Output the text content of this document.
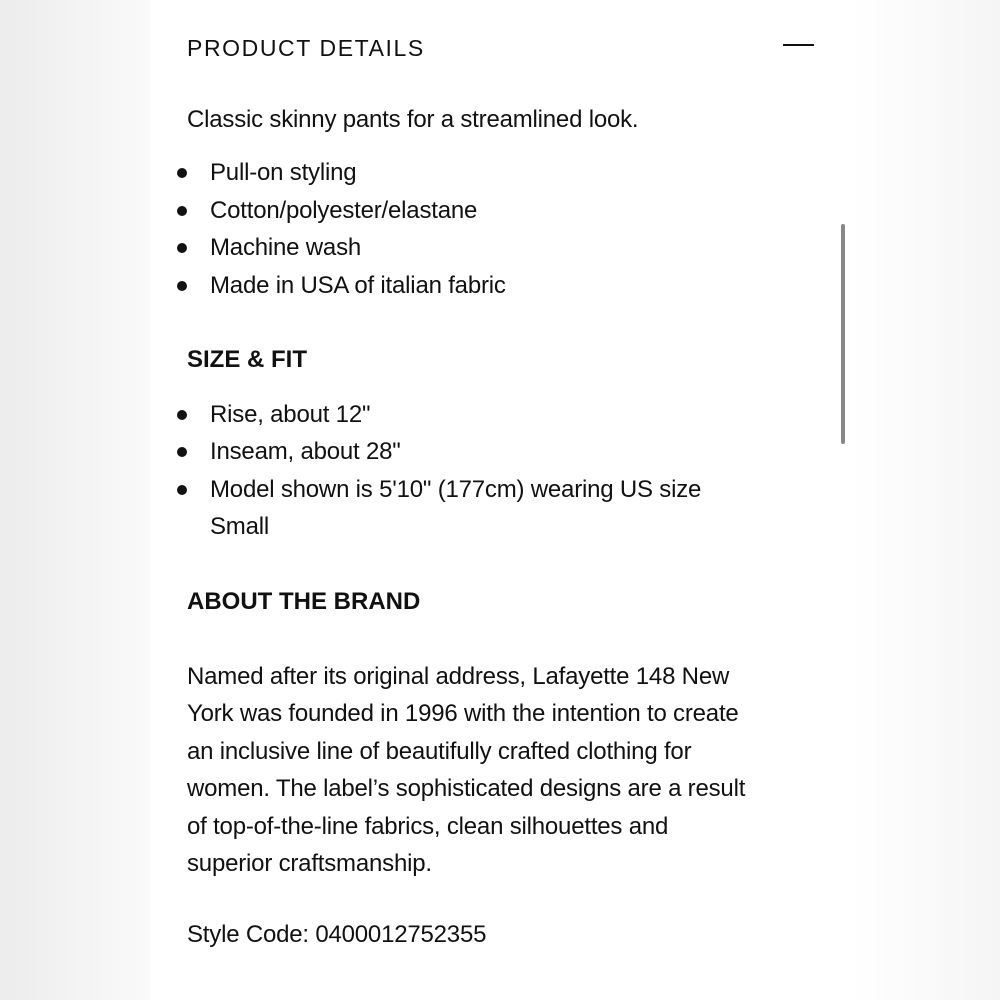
PRODUCT DETAILS
Classic skinny pants for a streamlined look.
Pull-on styling
Cotton/polyester/elastane
Machine wash
Made in USA of italian fabric
SIZE & FIT
Rise, about 12"
Inseam, about 28"
Model shown is 5'10" (177cm) wearing US size
Small
ABOUT THE BRAND
Named after its original address, Lafayette 148 New
York was founded in 1996 with the intention to create
an inclusive line of beautifully crafted clothing for
women. The label’s sophisticated designs are a result
of top-of-the-line fabrics, clean silhouettes and
superior craftsmanship.
Style Code: 0400012752355
